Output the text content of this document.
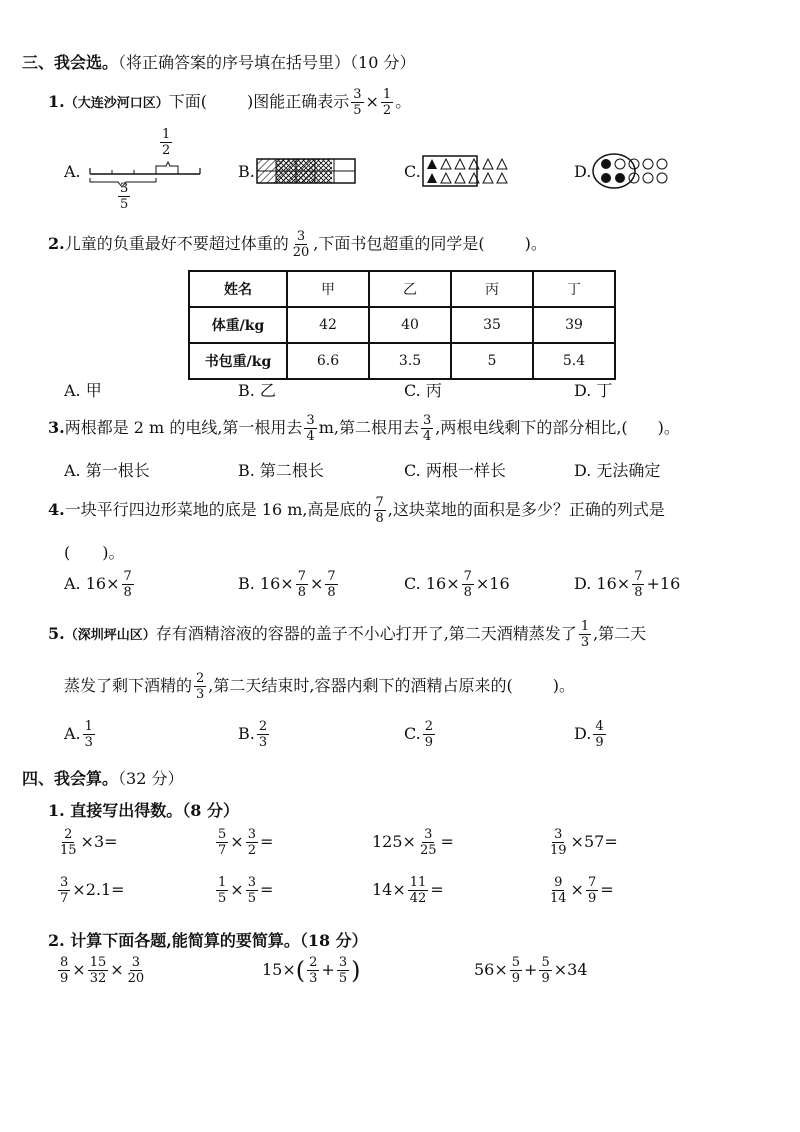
三、我会选。（将正确答案的序号填在括号里）（10 分）
1.（大连沙河口区）下面(	)图能正确表示 $\frac{3}{5} \times \frac{1}{2}$ 。
A.
$\frac{1}{2}$
$\frac{3}{5}$
B.	C.	D.
2.儿童的负重最好不要超过体重的 $\frac{3}{20}$ ,下面书包超重的同学是(	)。
姓名	甲	乙	丙	丁
体重/kg	42	40	35	39
书包重/kg	6.6	3.5	5	5.4
A. 甲	B. 乙	C. 丙	D. 丁
3.两根都是 2 m 的电线,第一根用去 $\frac{3}{4} m$,第二根用去 $\frac{3}{4}$ ,两根电线剩下的部分相比,( )。
A. 第一根长	B. 第二根长	C. 两根一样长	D. 无法确定
4.一块平行四边形菜地的底是 16 m,高是底的 $\frac{7}{8}$ ,这块菜地的面积是多少？正确的列式是
(　　)。
A. $16\times \frac{7}{8}$	B. $16\times \frac{7}{8} \times \frac{7}{8}$	C. $16\times \frac{7}{8} \times 16$	D. $16\times \frac{7}{8} +16$
5.（深圳坪山区）存有酒精溶液的容器的盖子不小心打开了,第二天酒精蒸发了 $\frac{1}{3}$ ,第二天
蒸发了剩下酒精的 $\frac{2}{3}$ ,第二天结束时,容器内剩下的酒精占原来的(	)。
A. $\frac{1}{3}$	B. $\frac{2}{3}$	C. $\frac{2}{9}$	D. $\frac{4}{9}$
四、我会算。（32 分）
1. 直接写出得数。（8 分）
$\frac{2}{15} \times 3=$	$\frac{5}{7} \times \frac{3}{2}$ =	$125\times \frac{3}{25}$ =	$\frac{3}{19} \times 57=$
$\frac{3}{7} \times 2.1=$	$\frac{1}{5} \times \frac{3}{5}$ =	$14\times \frac{11}{42}$ =	$\frac{9}{14} \times \frac{7}{9}$ =
2. 计算下面各题,能简算的要简算。（18 分）
$\frac{8}{9} \times \frac{15}{32} \times \frac{3}{20}$	$15\times( \frac{2}{3} + \frac{3}{5}$ )	$56\times \frac{5}{9} + \frac{5}{9} \times 34$
